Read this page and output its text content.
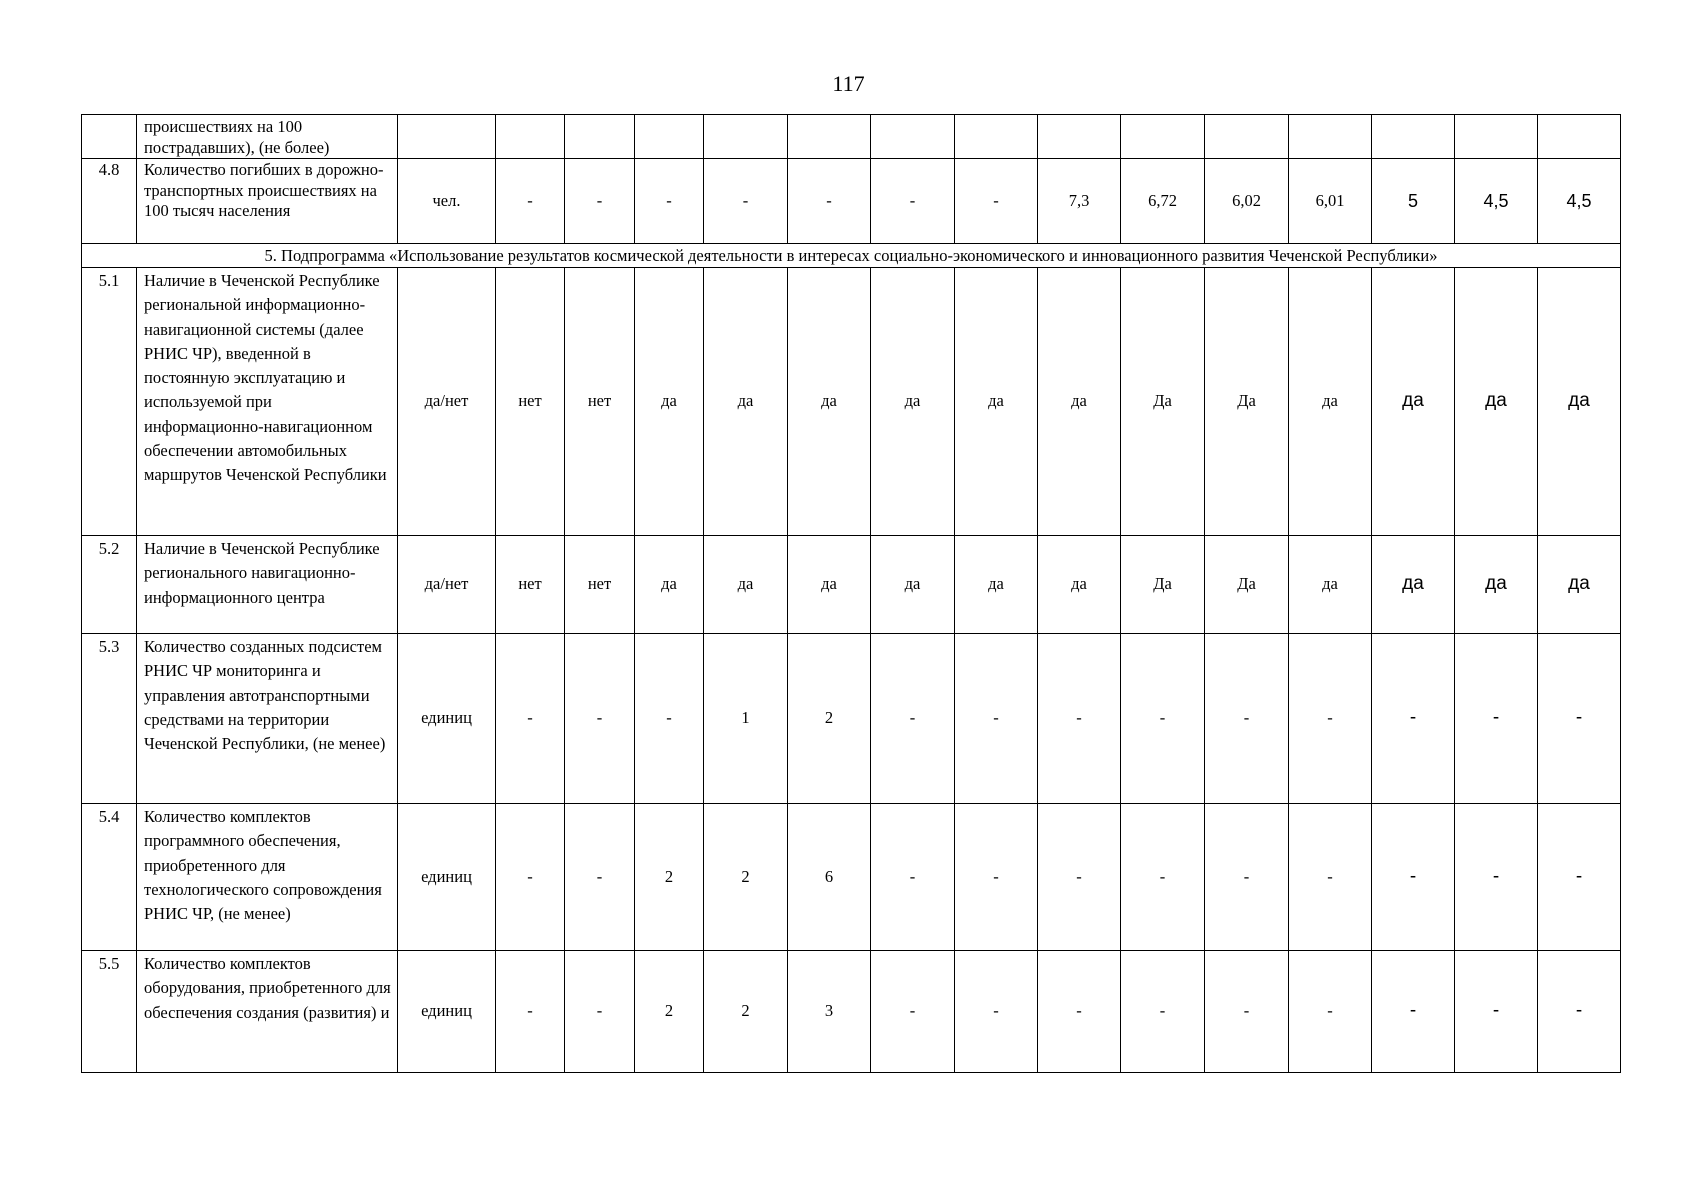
117
	происшествиях на 100 пострадавших), (не более)															
4.8	Количество погибших в дорожно-транспортных происшествиях на 100 тысяч населения	чел.	-	-	-	-	-	-	-	7,3	6,72	6,02	6,01	5	4,5	4,5
5. Подпрограмма «Использование результатов космической деятельности в интересах социально-экономического и инновационного развития Чеченской Республики»																
5.1	Наличие в Чеченской Республике региональной информационно-навигационной системы (далее РНИС ЧР), введенной в постоянную эксплуатацию и используемой при информационно-навигационном обеспечении автомобильных маршрутов Чеченской Республики	да/нет	нет	нет	да	да	да	да	да	да	Да	Да	да	да	да	да
5.2	Наличие в Чеченской Республике регионального навигационно-информационного центра	да/нет	нет	нет	да	да	да	да	да	да	Да	Да	да	да	да	да
5.3	Количество созданных подсистем РНИС ЧР мониторинга и управления автотранспортными средствами на территории Чеченской Республики, (не менее)	единиц	-	-	-	1	2	-	-	-	-	-	-	-	-	-
5.4	Количество комплектов программного обеспечения, приобретенного для технологического сопровождения РНИС ЧР, (не менее)	единиц	-	-	2	2	6	-	-	-	-	-	-	-	-	-
5.5	Количество комплектов оборудования, приобретенного для обеспечения создания (развития) и	единиц	-	-	2	2	3	-	-	-	-	-	-	-	-	-
